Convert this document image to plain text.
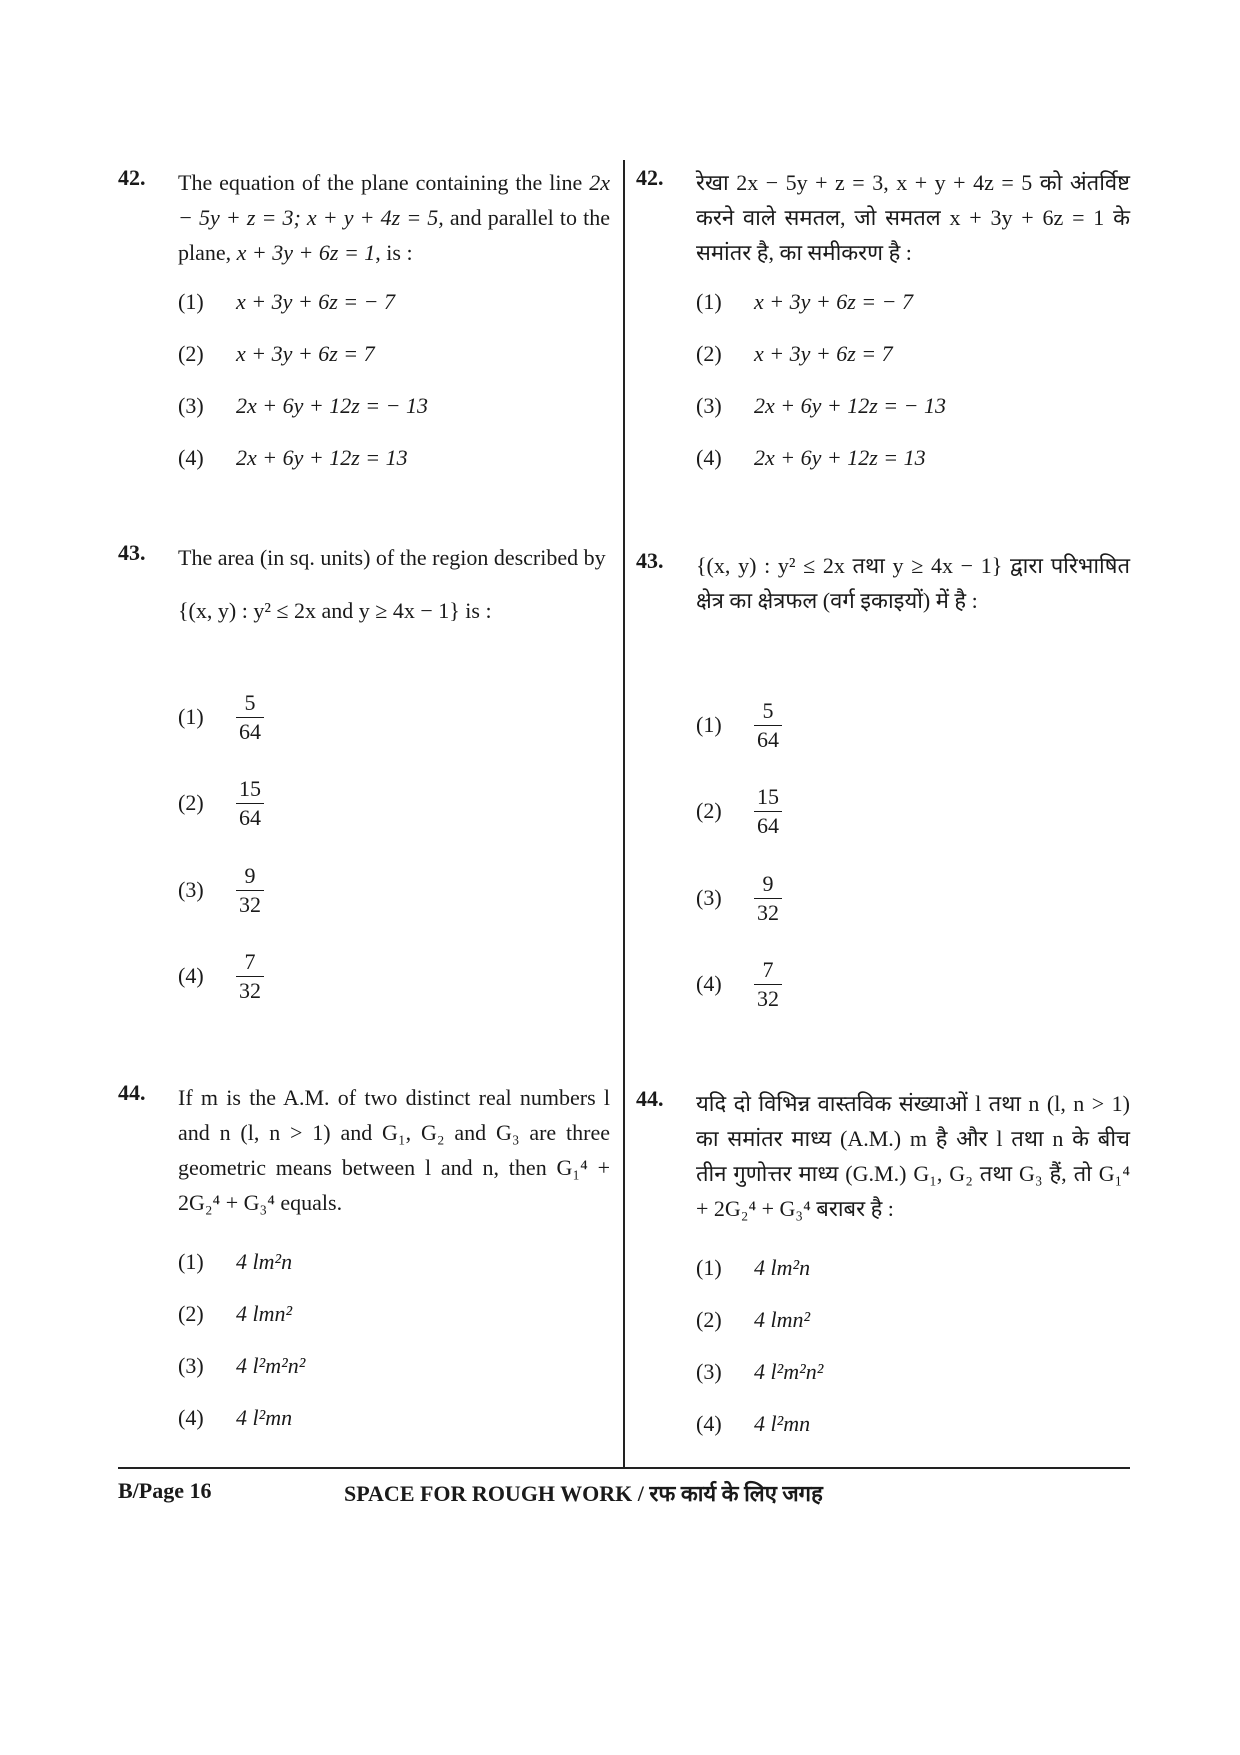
42. The equation of the plane containing the line 2x − 5y + z = 3; x + y + 4z = 5, and parallel to the plane, x + 3y + 6z = 1, is :
(1) x + 3y + 6z = − 7
(2) x + 3y + 6z = 7
(3) 2x + 6y + 12z = − 13
(4) 2x + 6y + 12z = 13
43. The area (in sq. units) of the region described by

{(x, y) : y² ≤ 2x and y ≥ 4x − 1} is :

$(1) \frac{5}{64}$
$(2) \frac{15}{64}$
$(3) \frac{9}{32}$
$(4) \frac{7}{32}$
44. If m is the A.M. of two distinct real numbers l and n (l, n > 1) and G₁, G₂ and G₃ are three geometric means between l and n, then G₁⁴ + 2G₂⁴ + G₃⁴ equals.
(1) 4 lm²n
(2) 4 lmn²
(3) 4 l²m²n²
(4) 4 l²mn
42. रेखा 2x − 5y + z = 3, x + y + 4z = 5 को अंतर्विष्ट करने वाले समतल, जो समतल x + 3y + 6z = 1 के समांतर है, का समीकरण है :
(1) x + 3y + 6z = − 7
(2) x + 3y + 6z = 7
(3) 2x + 6y + 12z = − 13
(4) 2x + 6y + 12z = 13
43. {(x, y) : y² ≤ 2x तथा y ≥ 4x − 1} द्वारा परिभाषित क्षेत्र का क्षेत्रफल (वर्ग इकाइयों) में है :
$(1) \frac{5}{64}$
$(2) \frac{15}{64}$
$(3) \frac{9}{32}$
$(4) \frac{7}{32}$
44. यदि दो विभिन्न वास्तविक संख्याओं l तथा n (l, n > 1) का समांतर माध्य (A.M.) m है और l तथा n के बीच तीन गुणोत्तर माध्य (G.M.) G₁, G₂ तथा G₃ हैं, तो G₁⁴ + 2G₂⁴ + G₃⁴ बराबर है :
(1) 4 lm²n
(2) 4 lmn²
(3) 4 l²m²n²
(4) 4 l²mn
B/Page 16	SPACE FOR ROUGH WORK / रफ कार्य के लिए जगह
